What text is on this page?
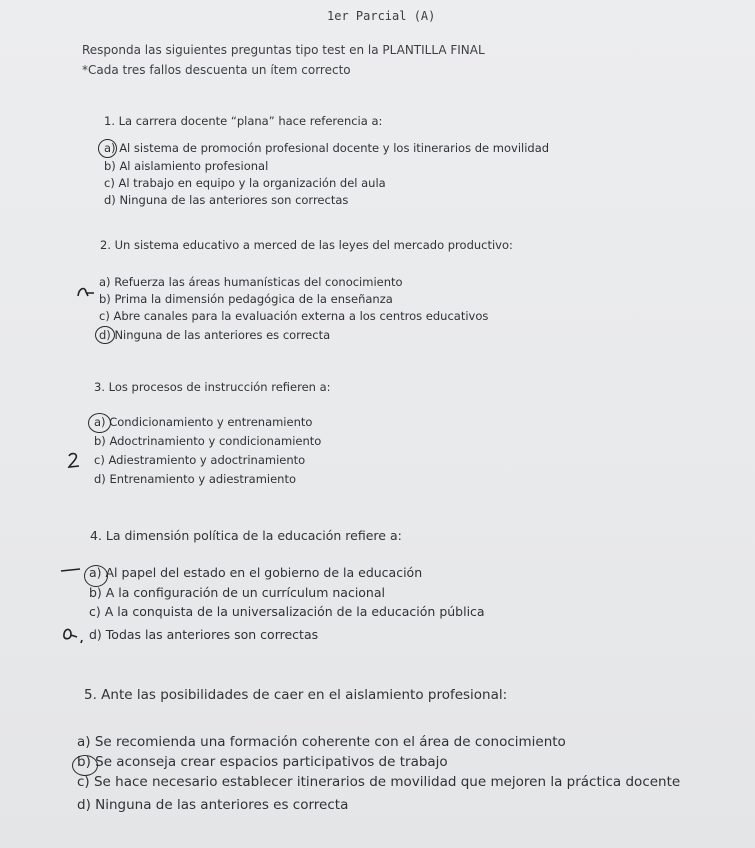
1er Parcial (A)
Responda las siguientes preguntas tipo test en la PLANTILLA FINAL
*Cada tres fallos descuenta un ítem correcto
1. La carrera docente “plana” hace referencia a:
a) Al sistema de promoción profesional docente y los itinerarios de movilidad
b) Al aislamiento profesional
c) Al trabajo en equipo y la organización del aula
d) Ninguna de las anteriores son correctas
2. Un sistema educativo a merced de las leyes del mercado productivo:
a) Refuerza las áreas humanísticas del conocimiento
b) Prima la dimensión pedagógica de la enseñanza
c) Abre canales para la evaluación externa a los centros educativos
d) Ninguna de las anteriores es correcta
3. Los procesos de instrucción refieren a:
a) Condicionamiento y entrenamiento
b) Adoctrinamiento y condicionamiento
c) Adiestramiento y adoctrinamiento
d) Entrenamiento y adiestramiento
4. La dimensión política de la educación refiere a:
a) Al papel del estado en el gobierno de la educación
b) A la configuración de un currículum nacional
c) A la conquista de la universalización de la educación pública
d) Todas las anteriores son correctas
5. Ante las posibilidades de caer en el aislamiento profesional:
a) Se recomienda una formación coherente con el área de conocimiento
b) Se aconseja crear espacios participativos de trabajo
c) Se hace necesario establecer itinerarios de movilidad que mejoren la práctica docente
d) Ninguna de las anteriores es correcta
